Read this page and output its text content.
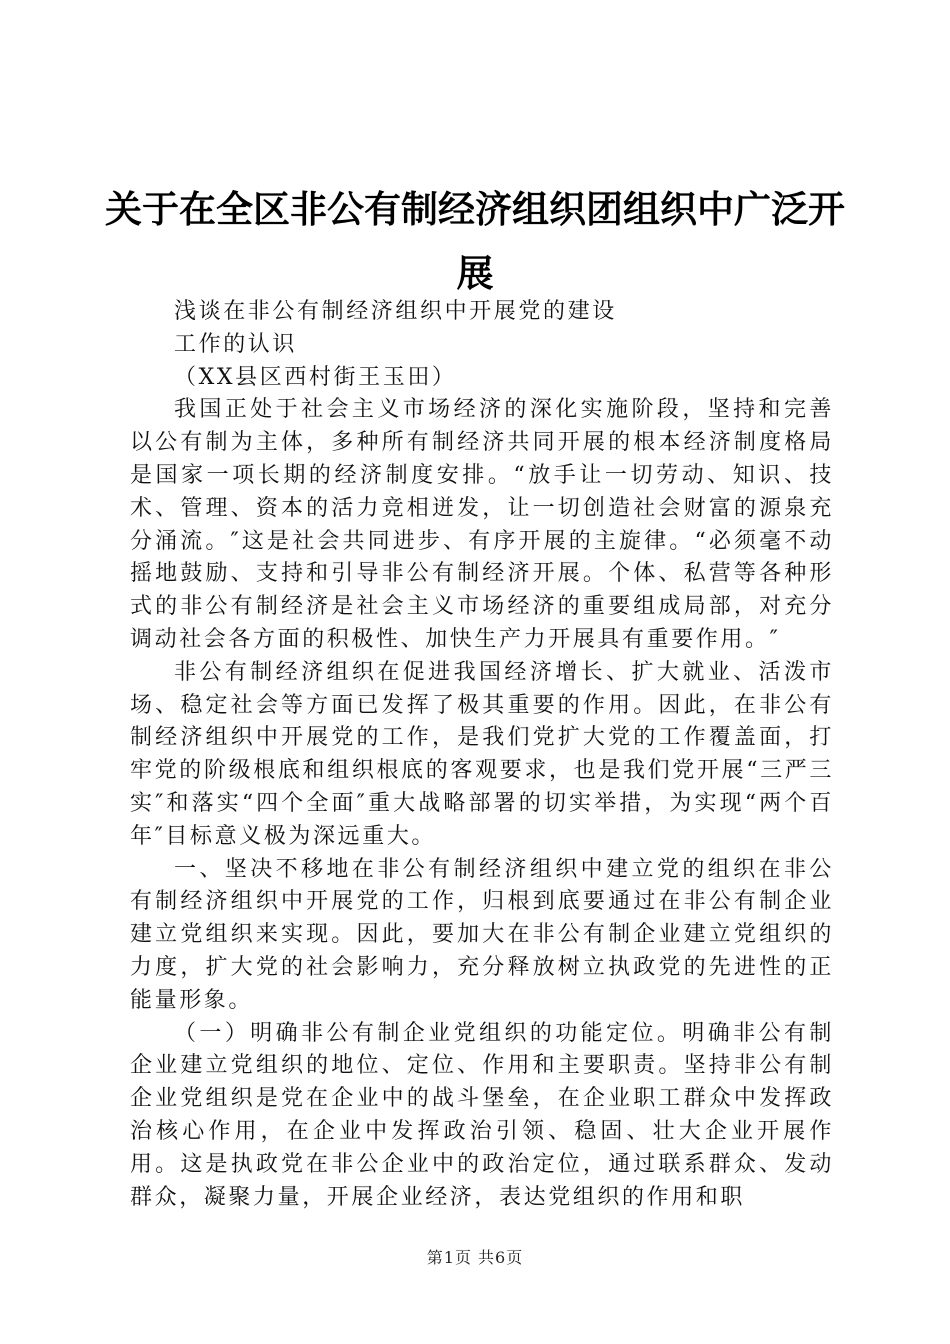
关于在全区非公有制经济组织团组织中广泛开展

浅谈在非公有制经济组织中开展党的建设

工作的认识

（XX县区西村街王玉田）

我国正处于社会主义市场经济的深化实施阶段，坚持和完善以公有制为主体，多种所有制经济共同开展的根本经济制度格局是国家一项长期的经济制度安排。“放手让一切劳动、知识、技术、管理、资本的活力竞相迸发，让一切创造社会财富的源泉充分涌流。″这是社会共同进步、有序开展的主旋律。“必须毫不动摇地鼓励、支持和引导非公有制经济开展。个体、私营等各种形式的非公有制经济是社会主义市场经济的重要组成局部，对充分调动社会各方面的积极性、加快生产力开展具有重要作用。″

非公有制经济组织在促进我国经济增长、扩大就业、活泼市场、稳定社会等方面已发挥了极其重要的作用。因此，在非公有制经济组织中开展党的工作，是我们党扩大党的工作覆盖面，打牢党的阶级根底和组织根底的客观要求，也是我们党开展“三严三实″和落实“四个全面″重大战略部署的切实举措，为实现“两个百年″目标意义极为深远重大。

一、坚决不移地在非公有制经济组织中建立党的组织在非公有制经济组织中开展党的工作，归根到底要通过在非公有制企业建立党组织来实现。因此，要加大在非公有制企业建立党组织的力度，扩大党的社会影响力，充分释放树立执政党的先进性的正能量形象。

（一）明确非公有制企业党组织的功能定位。明确非公有制企业建立党组织的地位、定位、作用和主要职责。坚持非公有制企业党组织是党在企业中的战斗堡垒，在企业职工群众中发挥政治核心作用，在企业中发挥政治引领、稳固、壮大企业开展作用。这是执政党在非公企业中的政治定位，通过联系群众、发动群众，凝聚力量，开展企业经济，表达党组织的作用和职

第1页 共6页
